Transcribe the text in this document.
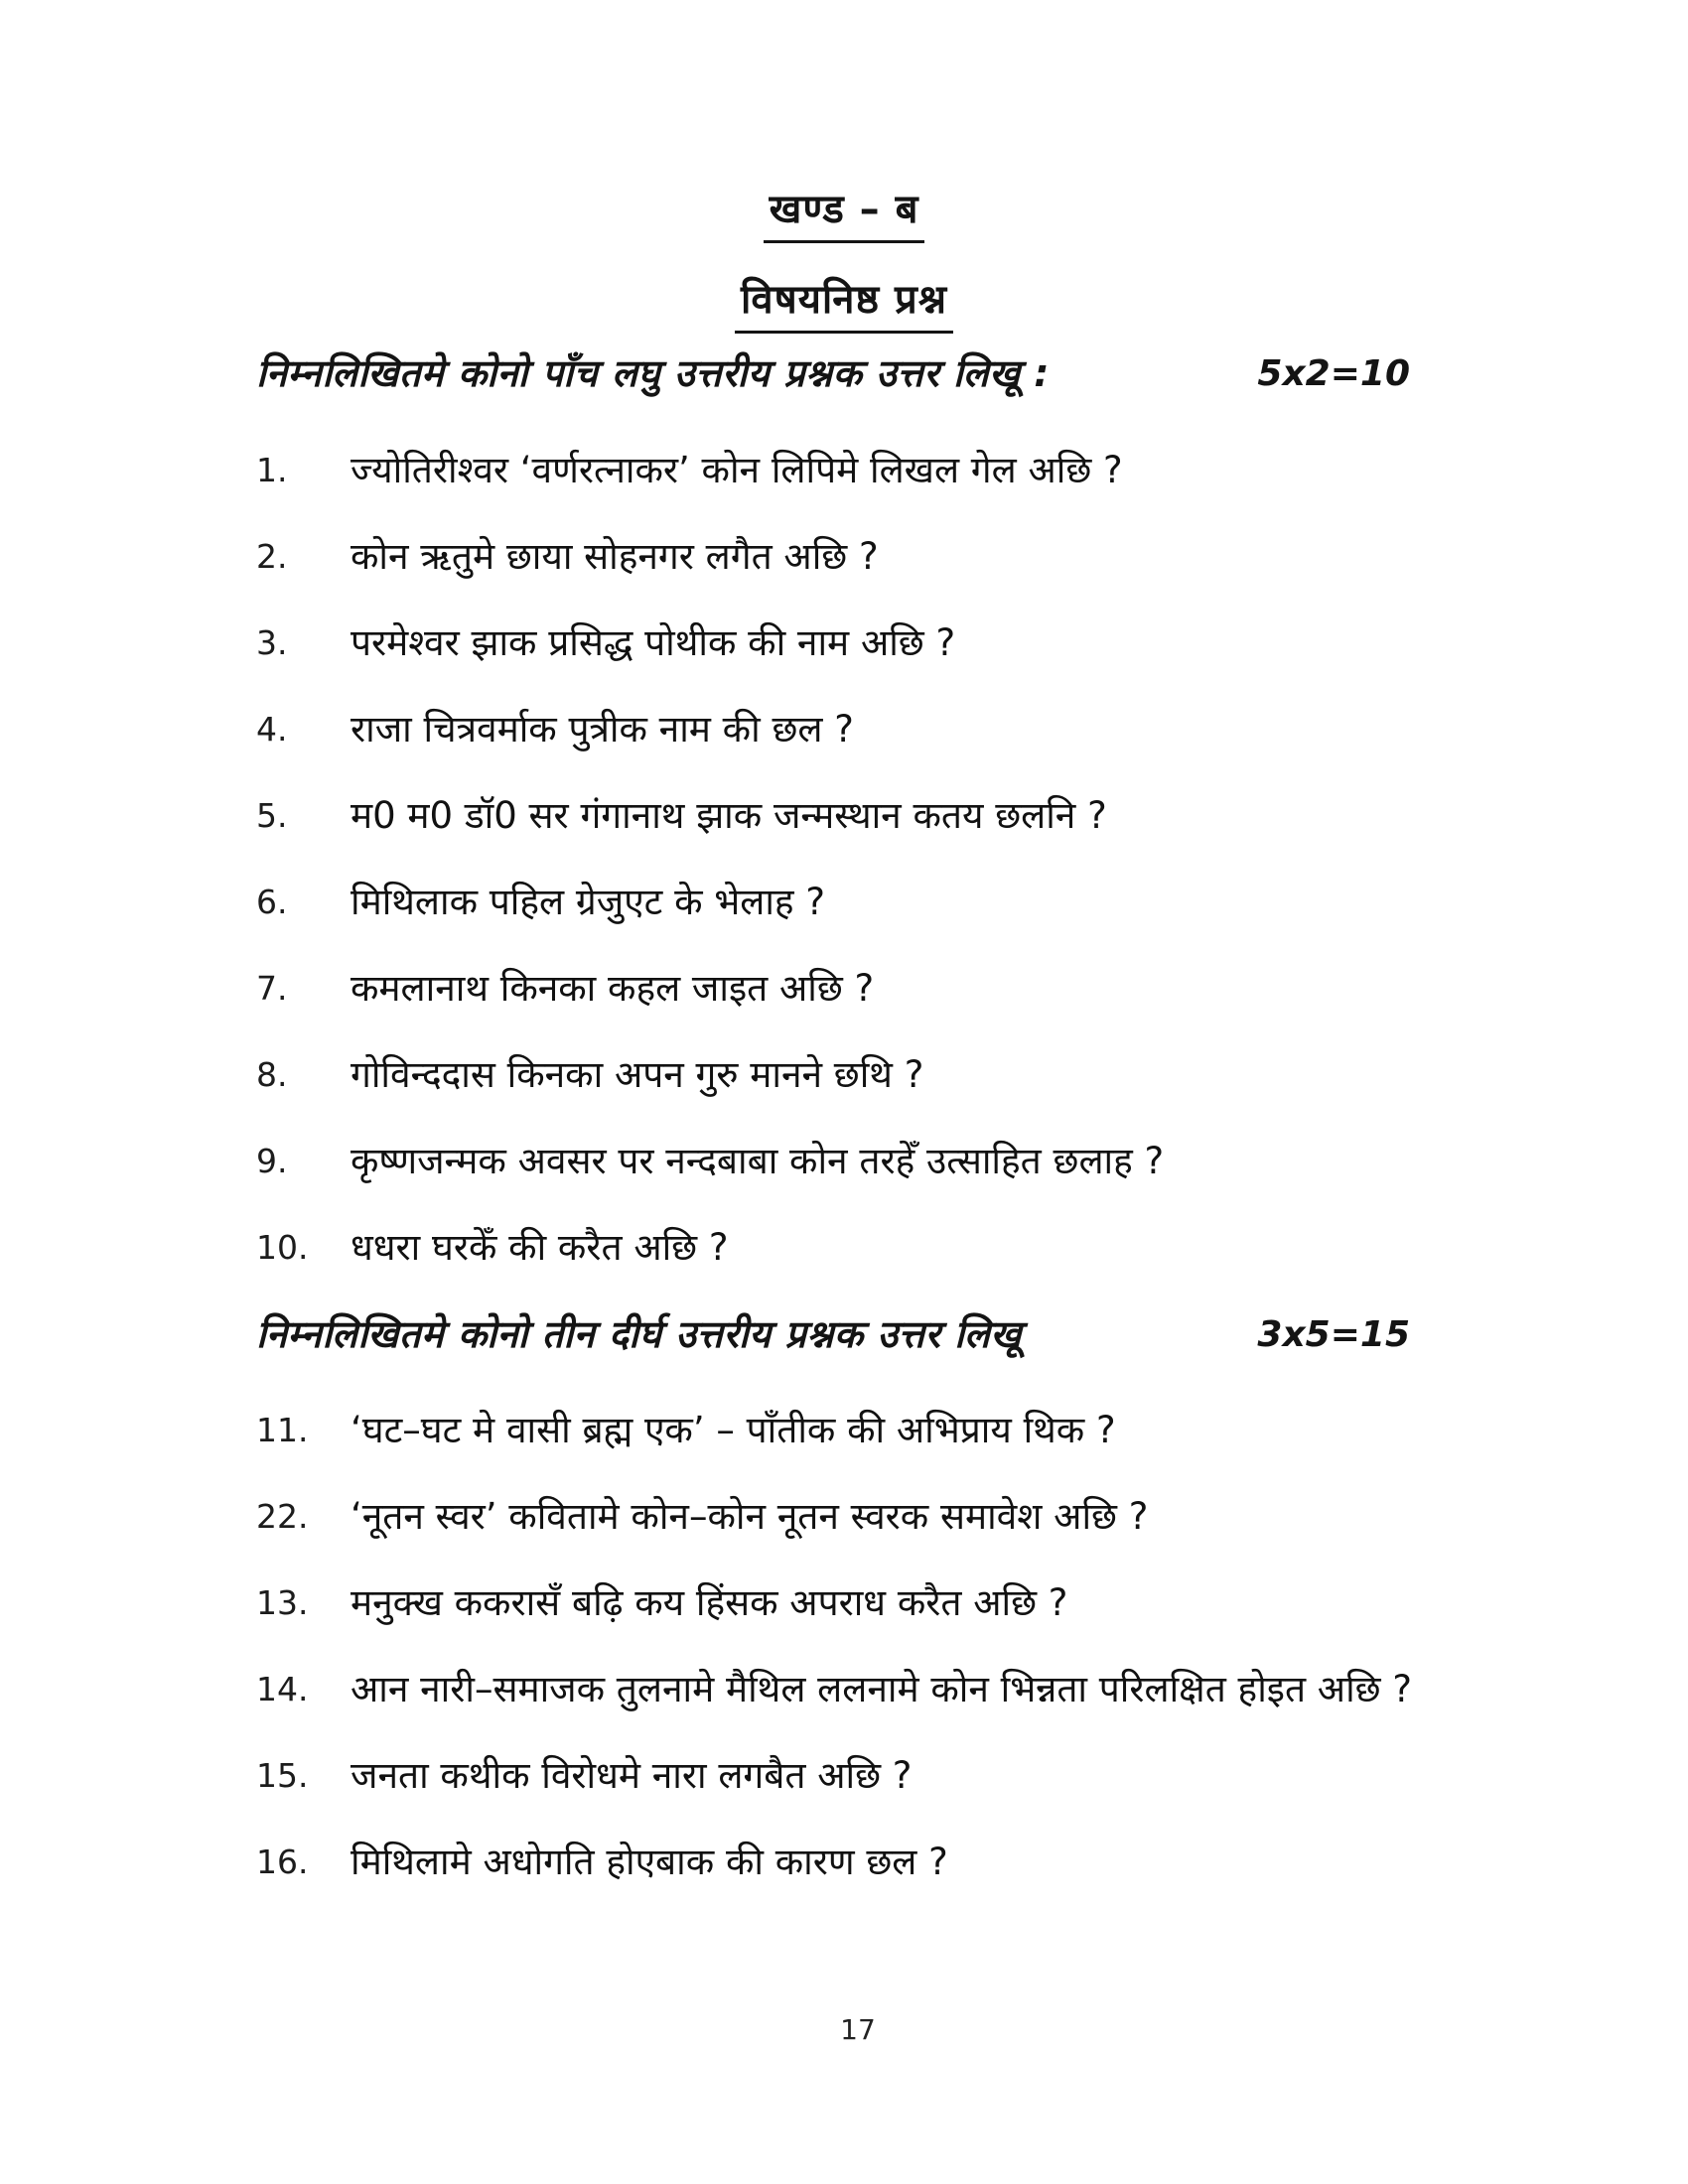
खण्ड – ब
विषयनिष्ठ प्रश्न
निम्नलिखितमे कोनो पाँच लघु उत्तरीय प्रश्नक उत्तर लिखू :	5x2=10
1.	ज्योतिरीश्वर ‘वर्णरत्नाकर’ कोन लिपिमे लिखल गेल अछि ?
2.	कोन ऋतुमे छाया सोहनगर लगैत अछि ?
3.	परमेश्वर झाक प्रसिद्ध पोथीक की नाम अछि ?
4.	राजा चित्रवर्माक पुत्रीक नाम की छल ?
5.	म0 म0 डॉ0 सर गंगानाथ झाक जन्मस्थान कतय छलनि ?
6.	मिथिलाक पहिल ग्रेजुएट के भेलाह ?
7.	कमलानाथ किनका कहल जाइत अछि ?
8.	गोविन्ददास किनका अपन गुरु मानने छथि ?
9.	कृष्णजन्मक अवसर पर नन्दबाबा कोन तरहेँ उत्साहित छलाह ?
10.	धधरा घरकेँ की करैत अछि ?
निम्नलिखितमे कोनो तीन दीर्घ उत्तरीय प्रश्नक उत्तर लिखू	3x5=15
11.	‘घट–घट मे वासी ब्रह्म एक’ – पाँतीक की अभिप्राय थिक ?
22.	‘नूतन स्वर’ कवितामे कोन–कोन नूतन स्वरक समावेश अछि ?
13.	मनुक्ख ककरासँ बढ़ि कय हिंसक अपराध करैत अछि ?
14.	आन नारी–समाजक तुलनामे मैथिल ललनामे कोन भिन्नता परिलक्षित होइत अछि ?
15.	जनता कथीक विरोधमे नारा लगबैत अछि ?
16.	मिथिलामे अधोगति होएबाक की कारण छल ?
17
